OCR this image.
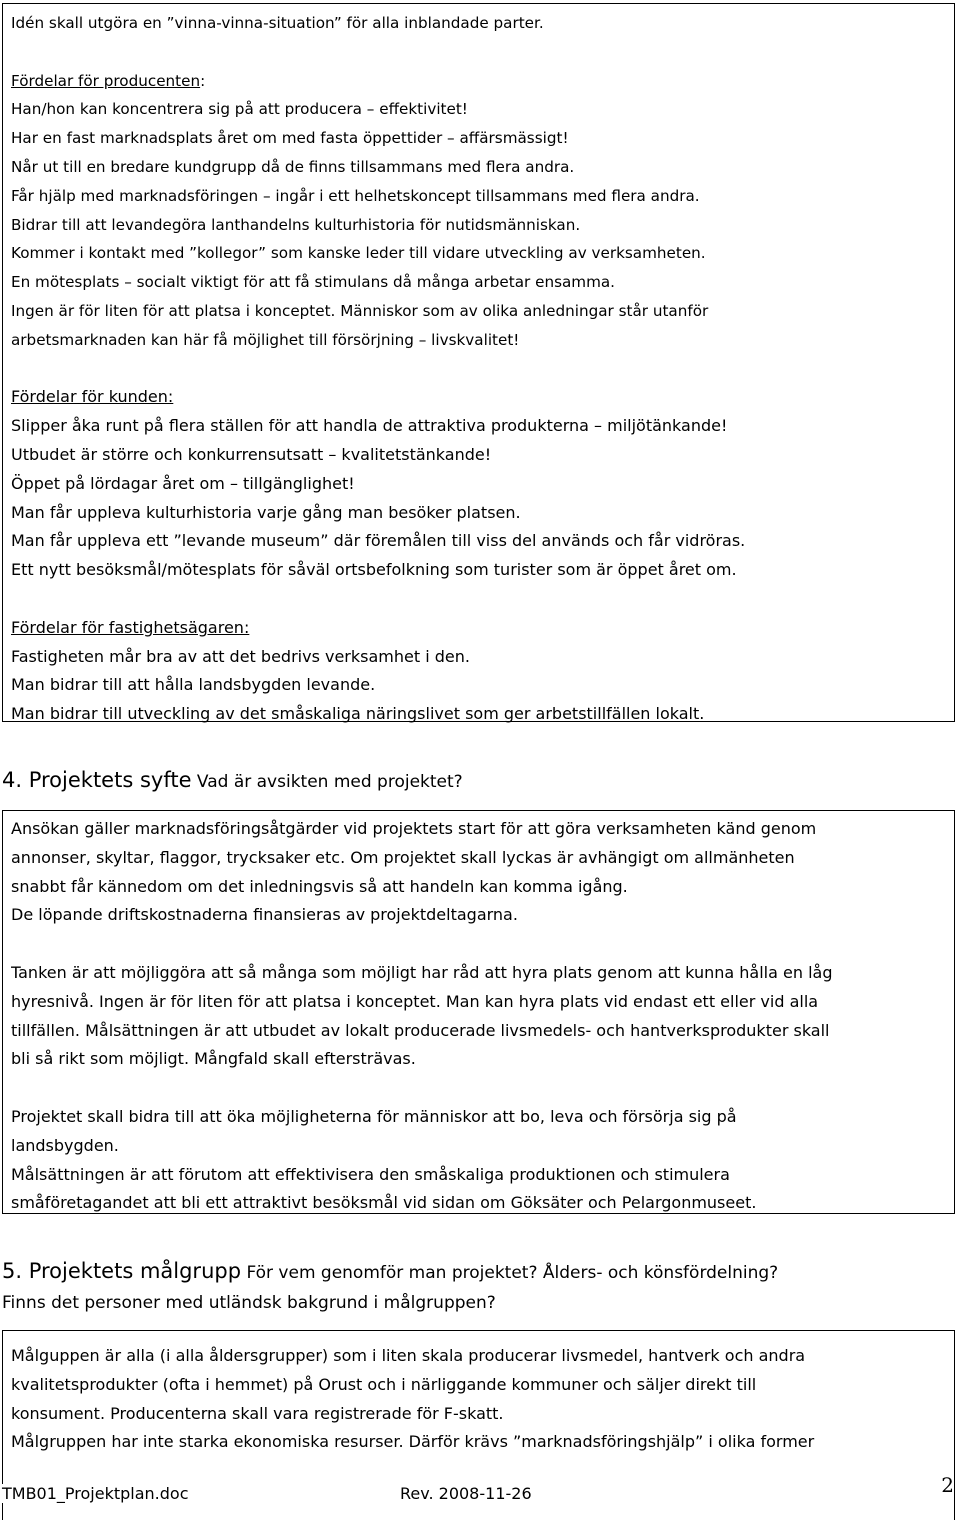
Idén skall utgöra en ”vinna-vinna-situation” för alla inblandade parter.
Fördelar för producenten:
Han/hon kan koncentrera sig på att producera – effektivitet!
Har en fast marknadsplats året om med fasta öppettider – affärsmässigt!
Når ut till en bredare kundgrupp då de finns tillsammans med flera andra.
Får hjälp med marknadsföringen – ingår i ett helhetskoncept tillsammans med flera andra.
Bidrar till att levandegöra lanthandelns kulturhistoria för nutidsmänniskan.
Kommer i kontakt med ”kollegor” som kanske leder till vidare utveckling av verksamheten.
En mötesplats – socialt viktigt för att få stimulans då många arbetar ensamma.
Ingen är för liten för att platsa i konceptet. Människor som av olika anledningar står utanför
arbetsmarknaden kan här få möjlighet till försörjning – livskvalitet!
Fördelar för kunden:
Slipper åka runt på flera ställen för att handla de attraktiva produkterna – miljötänkande!
Utbudet är större och konkurrensutsatt – kvalitetstänkande!
Öppet på lördagar året om – tillgänglighet!
Man får uppleva kulturhistoria varje gång man besöker platsen.
Man får uppleva ett ”levande museum” där föremålen till viss del används och får vidröras.
Ett nytt besöksmål/mötesplats för såväl ortsbefolkning som turister som är öppet året om.
Fördelar för fastighetsägaren:
Fastigheten mår bra av att det bedrivs verksamhet i den.
Man bidrar till att hålla landsbygden levande.
Man bidrar till utveckling av det småskaliga näringslivet som ger arbetstillfällen lokalt.
4. Projektets syfte Vad är avsikten med projektet?
Ansökan gäller marknadsföringsåtgärder vid projektets start för att göra verksamheten känd genom
annonser, skyltar, flaggor, trycksaker etc. Om projektet skall lyckas är avhängigt om allmänheten
snabbt får kännedom om det inledningsvis så att handeln kan komma igång.
De löpande driftskostnaderna finansieras av projektdeltagarna.
Tanken är att möjliggöra att så många som möjligt har råd att hyra plats genom att kunna hålla en låg
hyresnivå. Ingen är för liten för att platsa i konceptet. Man kan hyra plats vid endast ett eller vid alla
tillfällen. Målsättningen är att utbudet av lokalt producerade livsmedels- och hantverksprodukter skall
bli så rikt som möjligt. Mångfald skall eftersträvas.
Projektet skall bidra till att öka möjligheterna för människor att bo, leva och försörja sig på
landsbygden.
Målsättningen är att förutom att effektivisera den småskaliga produktionen och stimulera
småföretagandet att bli ett attraktivt besöksmål vid sidan om Göksäter och Pelargonmuseet.
5. Projektets målgrupp För vem genomför man projektet? Ålders- och könsfördelning?
Finns det personer med utländsk bakgrund i målgruppen?
Målguppen är alla (i alla åldersgrupper) som i liten skala producerar livsmedel, hantverk och andra
kvalitetsprodukter (ofta i hemmet) på Orust och i närliggande kommuner och säljer direkt till
konsument. Producenterna skall vara registrerade för F-skatt.
Målgruppen har inte starka ekonomiska resurser. Därför krävs ”marknadsföringshjälp” i olika former
TMB01_Projektplan.doc	Rev. 2008-11-26	2
